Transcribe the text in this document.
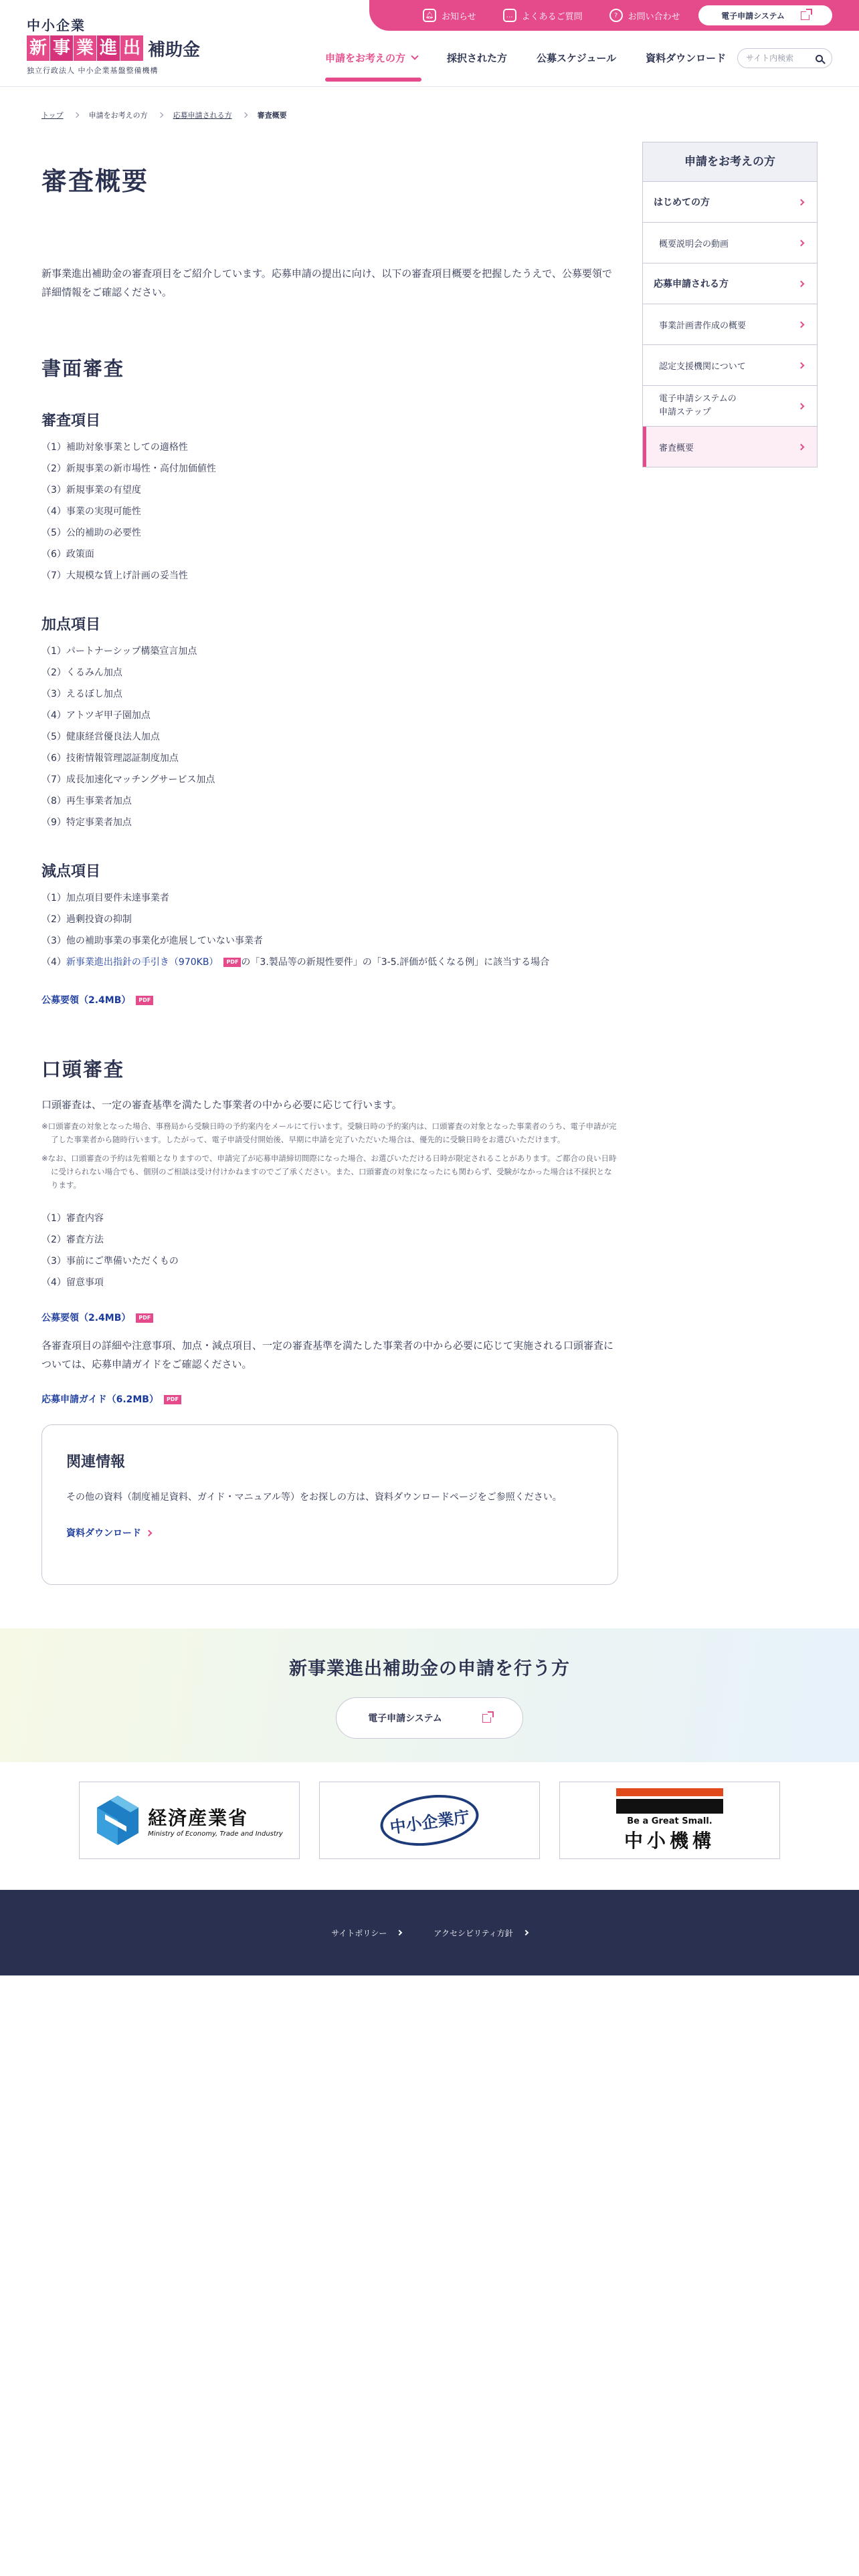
中小企業
新 事 業 進 出 補助金
独立行政法人 中小企業基盤整備機構
🔔︎ お知らせ	…	よくあるご質問	?	お問い合わせ	電子申請システム
申請をお考えの方	採択された方	公募スケジュール	資料ダウンロード
サイト内検索
トップ	申請をお考えの方	応募申請される方	審査概要
審査概要

新事業進出補助金の審査項目をご紹介しています。応募申請の提出に向け、以下の審査項目概要を把握したうえで、公募要領で詳細情報をご確認ください。

書面審査
審査項目
（1）補助対象事業としての適格性
（2）新規事業の新市場性・高付加価値性
（3）新規事業の有望度
（4）事業の実現可能性
（5）公的補助の必要性
（6）政策面
（7）大規模な賃上げ計画の妥当性
加点項目
（1）パートナーシップ構築宣言加点
（2）くるみん加点
（3）えるぼし加点
（4）アトツギ甲子園加点
（5）健康経営優良法人加点
（6）技術情報管理認証制度加点
（7）成長加速化マッチングサービス加点
（8）再生事業者加点
（9）特定事業者加点
減点項目
（1）加点項目要件未達事業者
（2）過剰投資の抑制
（3）他の補助事業の事業化が進展していない事業者
（4）新事業進出指針の手引き（970KB） PDF の「3.製品等の新規性要件」の「3-5.評価が低くなる例」に該当する場合
公募要領（2.4MB） PDF
口頭審査

口頭審査は、一定の審査基準を満たした事業者の中から必要に応じて行います。

※口頭審査の対象となった場合、事務局から受験日時の予約案内をメールにて行います。受験日時の予約案内は、口頭審査の対象となった事業者のうち、電子申請が完了した事業者から随時行います。したがって、電子申請受付開始後、早期に申請を完了いただいた場合は、優先的に受験日時をお選びいただけます。

※なお、口頭審査の予約は先着順となりますので、申請完了が応募申請締切間際になった場合、お選びいただける日時が限定されることがあります。ご都合の良い日時に受けられない場合でも、個別のご相談は受け付けかねますのでご了承ください。また、口頭審査の対象になったにも関わらず、受験がなかった場合は不採択となります。

（1）審査内容
（2）審査方法
（3）事前にご準備いただくもの
（4）留意事項
公募要領（2.4MB） PDF

各審査項目の詳細や注意事項、加点・減点項目、一定の審査基準を満たした事業者の中から必要に応じて実施される口頭審査については、応募申請ガイドをご確認ください。

応募申請ガイド（6.2MB） PDF
関連情報

その他の資料（制度補足資料、ガイド・マニュアル等）をお探しの方は、資料ダウンロードページをご参照ください。

資料ダウンロード
申請をお考えの方
はじめての方
概要説明会の動画
応募申請される方
事業計画書作成の概要
認定支援機関について
電子申請システムの
申請ステップ
審査概要
新事業進出補助金の申請を行う方
電子申請システム
経済産業省
Ministry of Economy, Trade and Industry	中小企業庁	Be a Great Small.
中小機構
サイトポリシー	アクセシビリティ方針
